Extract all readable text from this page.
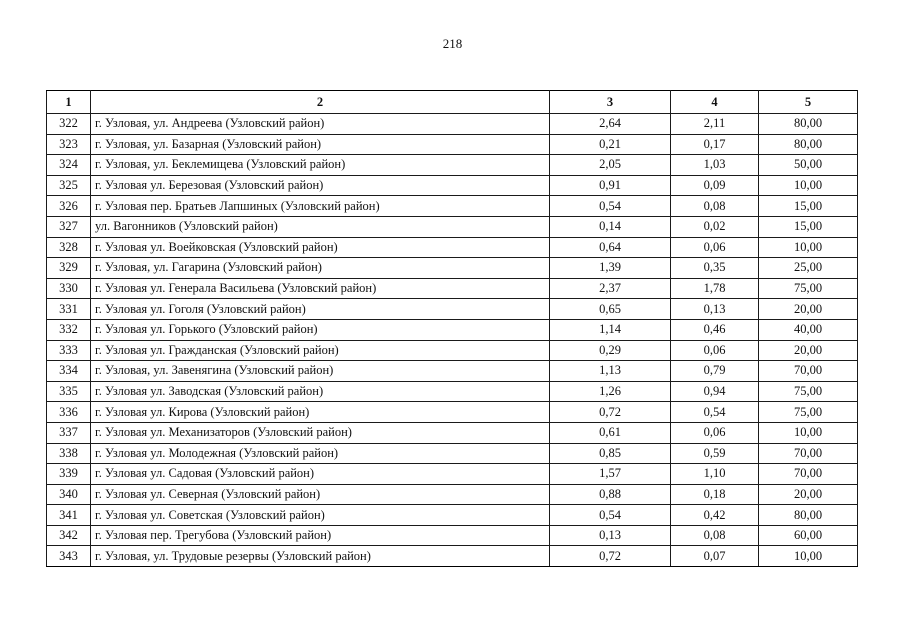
218
1	2	3	4	5
322	г. Узловая, ул. Андреева (Узловский район)	2,64	2,11	80,00
323	г. Узловая, ул. Базарная (Узловский район)	0,21	0,17	80,00
324	г. Узловая, ул. Беклемищева (Узловский район)	2,05	1,03	50,00
325	г. Узловая ул. Березовая (Узловский район)	0,91	0,09	10,00
326	г. Узловая пер. Братьев Лапшиных (Узловский район)	0,54	0,08	15,00
327	ул. Вагонников (Узловский район)	0,14	0,02	15,00
328	г. Узловая ул. Воейковская (Узловский район)	0,64	0,06	10,00
329	г. Узловая, ул. Гагарина (Узловский район)	1,39	0,35	25,00
330	г. Узловая ул. Генерала Васильева (Узловский район)	2,37	1,78	75,00
331	г. Узловая ул. Гоголя (Узловский район)	0,65	0,13	20,00
332	г. Узловая ул. Горького (Узловский район)	1,14	0,46	40,00
333	г. Узловая ул. Гражданская (Узловский район)	0,29	0,06	20,00
334	г. Узловая, ул. Завенягина (Узловский район)	1,13	0,79	70,00
335	г. Узловая ул. Заводская (Узловский район)	1,26	0,94	75,00
336	г. Узловая ул. Кирова (Узловский район)	0,72	0,54	75,00
337	г. Узловая ул. Механизаторов (Узловский район)	0,61	0,06	10,00
338	г. Узловая ул. Молодежная (Узловский район)	0,85	0,59	70,00
339	г. Узловая ул. Садовая (Узловский район)	1,57	1,10	70,00
340	г. Узловая ул. Северная (Узловский район)	0,88	0,18	20,00
341	г. Узловая ул. Советская (Узловский район)	0,54	0,42	80,00
342	г. Узловая пер. Трегубова (Узловский район)	0,13	0,08	60,00
343	г. Узловая, ул. Трудовые резервы (Узловский район)	0,72	0,07	10,00
